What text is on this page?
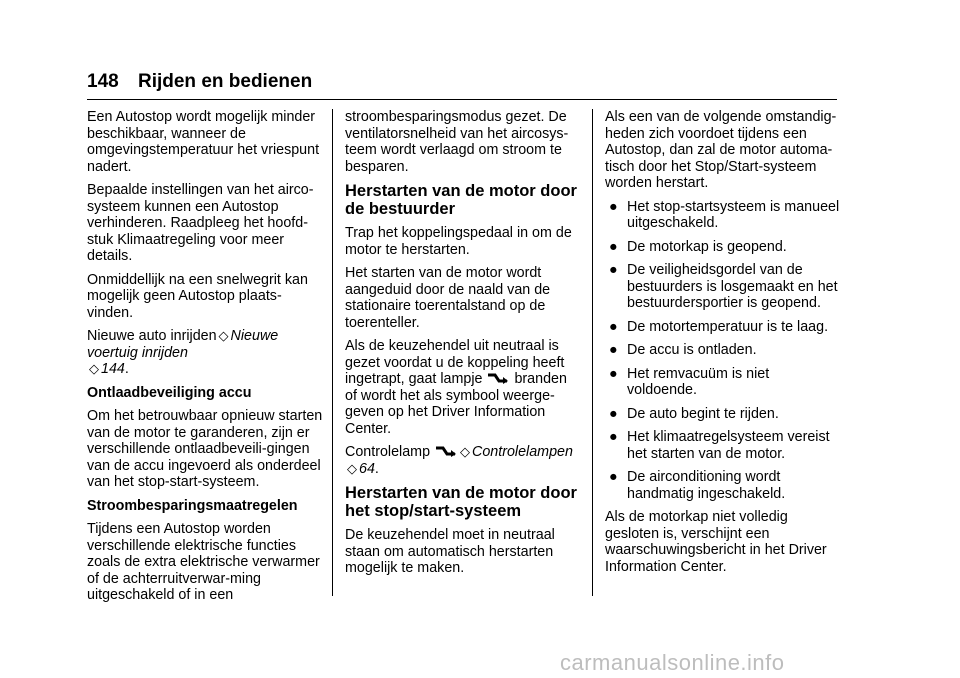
148 Rijden en bedienen

Een Autostop wordt mogelijk minder beschikbaar, wanneer de omgevingstemperatuur het vriespunt nadert.

Bepaalde instellingen van het airco-systeem kunnen een Autostop verhinderen. Raadpleeg het hoofd-stuk Klimaatregeling voor meer details.

Onmiddellijk na een snelwegrit kan mogelijk geen Autostop plaats-vinden.

Nieuwe auto inrijden ◇ Nieuwe voertuig inrijden
◇ 144.

Ontlaadbeveiliging accu

Om het betrouwbaar opnieuw starten van de motor te garanderen, zijn er verschillende ontlaadbeveili-gingen van de accu ingevoerd als onderdeel van het stop-start-systeem.

Stroombesparingsmaatregelen

Tijdens een Autostop worden verschillende elektrische functies zoals de extra elektrische verwarmer of de achterruitverwar-ming uitgeschakeld of in een

stroombesparingsmodus gezet. De ventilatorsnelheid van het aircosys-teem wordt verlaagd om stroom te besparen.

Herstarten van de motor door de bestuurder

Trap het koppelingspedaal in om de motor te herstarten.

Het starten van de motor wordt aangeduid door de naald van de stationaire toerentalstand op de toerenteller.

Als de keuzehendel uit neutraal is gezet voordat u de koppeling heeft ingetrapt, gaat lampje branden of wordt het als symbool weerge-geven op het Driver Information Center.

Controlelamp ◇ Controlelampen
◇ 64.

Herstarten van de motor door het stop/start-systeem

De keuzehendel moet in neutraal staan om automatisch herstarten mogelijk te maken.

Als een van de volgende omstandig-heden zich voordoet tijdens een Autostop, dan zal de motor automa-tisch door het Stop/Start-systeem worden herstart.

● Het stop-startsysteem is manueel uitgeschakeld.
● De motorkap is geopend.
● De veiligheidsgordel van de bestuurders is losgemaakt en het bestuurdersportier is geopend.
● De motortemperatuur is te laag.
● De accu is ontladen.
● Het remvacuüm is niet voldoende.
● De auto begint te rijden.
● Het klimaatregelsysteem vereist het starten van de motor.
● De airconditioning wordt handmatig ingeschakeld.

Als de motorkap niet volledig gesloten is, verschijnt een waarschuwingsbericht in het Driver Information Center.

carmanualsonline.info
